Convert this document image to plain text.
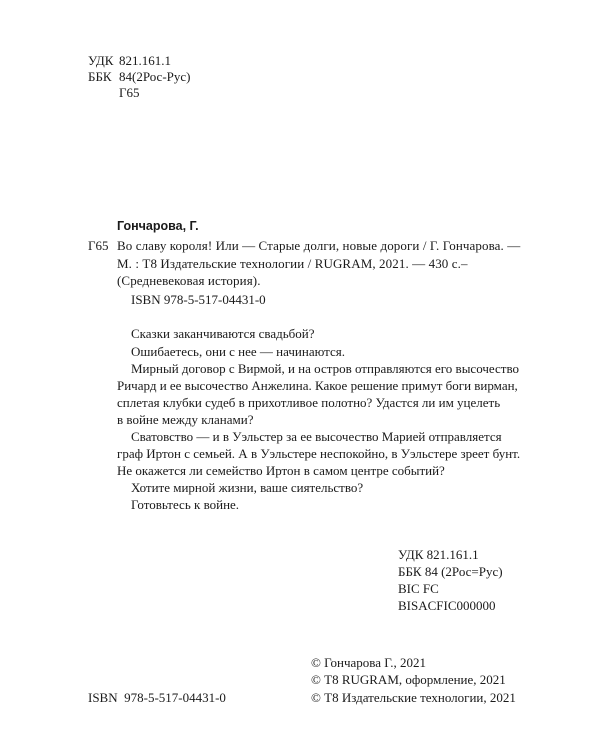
УДК 821.161.1
ББК 84(2Рос-Рус)
Г65
Гончарова, Г.
Г65 Во славу короля! Или — Старые долги, новые дороги / Г. Гончарова. —
М. : Т8 Издательские технологии / RUGRAM, 2021. — 430 с.–
(Средневековая история).
ISBN 978-5-517-04431-0
Сказки заканчиваются свадьбой?
Ошибаетесь, они с нее — начинаются.
Мирный договор с Вирмой, и на остров отправляются его высочество
Ричард и ее высочество Анжелина. Какое решение примут боги вирман,
сплетая клубки судеб в прихотливое полотно? Удастся ли им уцелеть
в войне между кланами?
Сватовство — и в Уэльстер за ее высочество Марией отправляется
граф Иртон с семьей. А в Уэльстере неспокойно, в Уэльстере зреет бунт.
Не окажется ли семейство Иртон в самом центре событий?
Хотите мирной жизни, ваше сиятельство?
Готовьтесь к войне.
УДК 821.161.1
ББК 84 (2Рос=Рус)
BIC FC
BISACFIC000000
© Гончарова Г., 2021
© Т8 RUGRAM, оформление, 2021
© Т8 Издательские технологии, 2021
ISBN  978-5-517-04431-0
